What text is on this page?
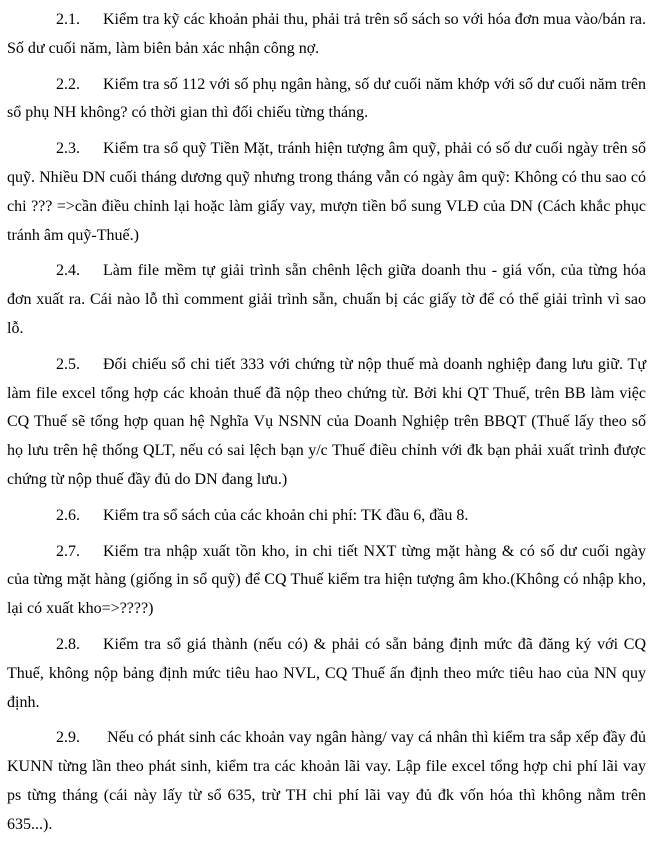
2.1. Kiểm tra kỹ các khoản phải thu, phải trả trên sổ sách so với hóa đơn mua vào/bán ra. Số dư cuối năm, làm biên bản xác nhận công nợ.

2.2. Kiểm tra số 112 với số phụ ngân hàng, số dư cuối năm khớp với số dư cuối năm trên sổ phụ NH không? có thời gian thì đối chiếu từng tháng.

2.3. Kiểm tra sổ quỹ Tiền Mặt, tránh hiện tượng âm quỹ, phải có số dư cuối ngày trên sổ quỹ. Nhiều DN cuối tháng dương quỹ nhưng trong tháng vẫn có ngày âm quỹ: Không có thu sao có chi ??? =>cần điều chỉnh lại hoặc làm giấy vay, mượn tiền bổ sung VLĐ của DN (Cách khắc phục tránh âm quỹ-Thuế.)

2.4. Làm file mềm tự giải trình sẵn chênh lệch giữa doanh thu - giá vốn, của từng hóa đơn xuất ra. Cái nào lỗ thì comment giải trình sẵn, chuẩn bị các giấy tờ để có thể giải trình vì sao lỗ.

2.5. Đối chiếu sổ chi tiết 333 với chứng từ nộp thuế mà doanh nghiệp đang lưu giữ. Tự làm file excel tổng hợp các khoản thuế đã nộp theo chứng từ. Bởi khi QT Thuế, trên BB làm việc CQ Thuế sẽ tổng hợp quan hệ Nghĩa Vụ NSNN của Doanh Nghiệp trên BBQT (Thuế lấy theo số họ lưu trên hệ thống QLT, nếu có sai lệch bạn y/c Thuế điều chỉnh với đk bạn phải xuất trình được chứng từ nộp thuế đầy đủ do DN đang lưu.)

2.6. Kiểm tra sổ sách của các khoản chi phí: TK đầu 6, đầu 8.

2.7. Kiểm tra nhập xuất tồn kho, in chi tiết NXT từng mặt hàng & có số dư cuối ngày của từng mặt hàng (giống in sổ quỹ) để CQ Thuế kiểm tra hiện tượng âm kho.(Không có nhập kho, lại có xuất kho=>????)

2.8. Kiểm tra sổ giá thành (nếu có) & phải có sẵn bảng định mức đã đăng ký với CQ Thuế, không nộp bảng định mức tiêu hao NVL, CQ Thuế ấn định theo mức tiêu hao của NN quy định.

2.9. Nếu có phát sinh các khoản vay ngân hàng/ vay cá nhân thì kiểm tra sắp xếp đầy đủ KUNN từng lần theo phát sinh, kiểm tra các khoản lãi vay. Lập file excel tổng hợp chi phí lãi vay ps từng tháng (cái này lấy từ sổ 635, trừ TH chi phí lãi vay đủ đk vốn hóa thì không nằm trên 635...).
